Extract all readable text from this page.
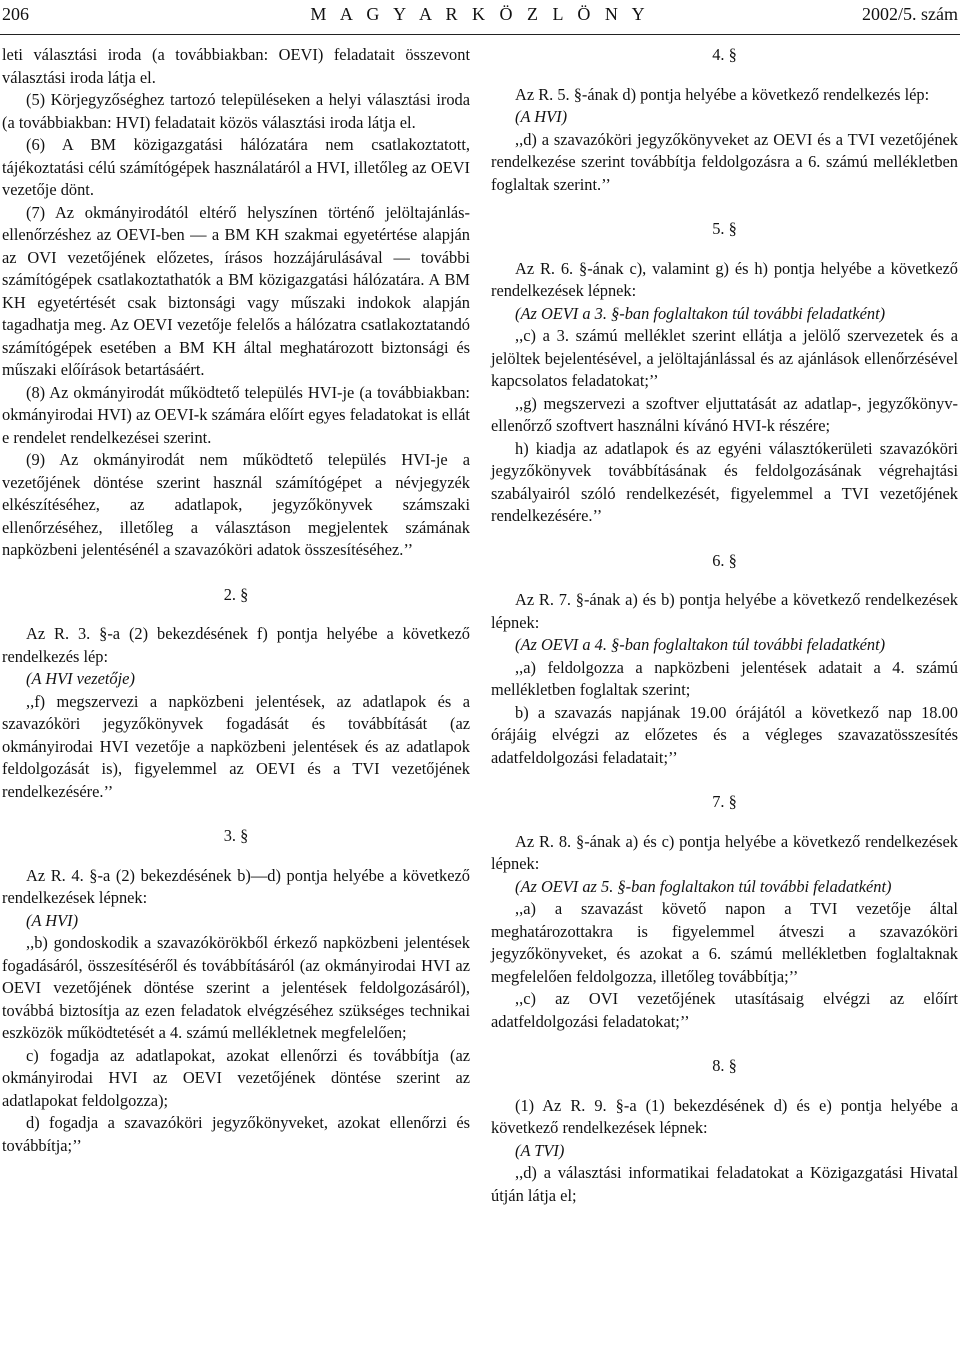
206	M A G Y A R K Ö Z L Ö N Y	2002/5. szám

leti választási iroda (a továbbiakban: OEVI) feladatait összevont választási iroda látja el.

(5) Körjegyzőséghez tartozó településeken a helyi választási iroda (a továbbiakban: HVI) feladatait közös választási iroda látja el.

(6) A BM közigazgatási hálózatára nem csatlakoztatott, tájékoztatási célú számítógépek használatáról a HVI, illetőleg az OEVI vezetője dönt.

(7) Az okmányirodától eltérő helyszínen történő jelöltajánlás-ellenőrzéshez az OEVI-ben — a BM KH szakmai egyetértése alapján az OVI vezetőjének előzetes, írásos hozzájárulásával — további számítógépek csatlakoztathatók a BM közigazgatási hálózatára. A BM KH egyetértését csak biztonsági vagy műszaki indokok alapján tagadhatja meg. Az OEVI vezetője felelős a hálózatra csatlakoztatandó számítógépek esetében a BM KH által meghatározott biztonsági és műszaki előírások betartásáért.

(8) Az okmányirodát működtető település HVI-je (a továbbiakban: okmányirodai HVI) az OEVI-k számára előírt egyes feladatokat is ellát e rendelet rendelkezései szerint.

(9) Az okmányirodát nem működtető település HVI-je a vezetőjének döntése szerint használ számítógépet a névjegyzék elkészítéséhez, az adatlapok, jegyzőkönyvek számszaki ellenőrzéséhez, illetőleg a választáson megjelentek számának napközbeni jelentésénél a szavazóköri adatok összesítéséhez.’’

2. §

Az R. 3. §-a (2) bekezdésének f) pontja helyébe a következő rendelkezés lép:

(A HVI vezetője)

,,f) megszervezi a napközbeni jelentések, az adatlapok és a szavazóköri jegyzőkönyvek fogadását és továbbítását (az okmányirodai HVI vezetője a napközbeni jelentések és az adatlapok feldolgozását is), figyelemmel az OEVI és a TVI vezetőjének rendelkezésére.’’

3. §

Az R. 4. §-a (2) bekezdésének b)—d) pontja helyébe a következő rendelkezések lépnek:

(A HVI)

,,b) gondoskodik a szavazókörökből érkező napközbeni jelentések fogadásáról, összesítéséről és továbbításáról (az okmányirodai HVI az OEVI vezetőjének döntése szerint a jelentések feldolgozásáról), továbbá biztosítja az ezen feladatok elvégzéséhez szükséges technikai eszközök működtetését a 4. számú mellékletnek megfelelően;

c) fogadja az adatlapokat, azokat ellenőrzi és továbbítja (az okmányirodai HVI az OEVI vezetőjének döntése szerint az adatlapokat feldolgozza);

d) fogadja a szavazóköri jegyzőkönyveket, azokat ellenőrzi és továbbítja;’’

4. §

Az R. 5. §-ának d) pontja helyébe a következő rendelkezés lép:

(A HVI)

,,d) a szavazóköri jegyzőkönyveket az OEVI és a TVI vezetőjének rendelkezése szerint továbbítja feldolgozásra a 6. számú mellékletben foglaltak szerint.’’

5. §

Az R. 6. §-ának c), valamint g) és h) pontja helyébe a következő rendelkezések lépnek:

(Az OEVI a 3. §-ban foglaltakon túl további feladatként)

,,c) a 3. számú melléklet szerint ellátja a jelölő szervezetek és a jelöltek bejelentésével, a jelöltajánlással és az ajánlások ellenőrzésével kapcsolatos feladatokat;’’

,,g) megszervezi a szoftver eljuttatását az adatlap-, jegyzőkönyv-ellenőrző szoftvert használni kívánó HVI-k részére;

h) kiadja az adatlapok és az egyéni választókerületi szavazóköri jegyzőkönyvek továbbításának és feldolgozásának végrehajtási szabályairól szóló rendelkezését, figyelemmel a TVI vezetőjének rendelkezésére.’’

6. §

Az R. 7. §-ának a) és b) pontja helyébe a következő rendelkezések lépnek:

(Az OEVI a 4. §-ban foglaltakon túl további feladatként)

,,a) feldolgozza a napközbeni jelentések adatait a 4. számú mellékletben foglaltak szerint;

b) a szavazás napjának 19.00 órájától a következő nap 18.00 órájáig elvégzi az előzetes és a végleges szavazatösszesítés adatfeldolgozási feladatait;’’

7. §

Az R. 8. §-ának a) és c) pontja helyébe a következő rendelkezések lépnek:

(Az OEVI az 5. §-ban foglaltakon túl további feladatként)

,,a) a szavazást követő napon a TVI vezetője által meghatározottakra is figyelemmel átveszi a szavazóköri jegyzőkönyveket, és azokat a 6. számú mellékletben foglaltaknak megfelelően feldolgozza, illetőleg továbbítja;’’

,,c) az OVI vezetőjének utasításaig elvégzi az előírt adatfeldolgozási feladatokat;’’

8. §

(1) Az R. 9. §-a (1) bekezdésének d) és e) pontja helyébe a következő rendelkezések lépnek:

(A TVI)

,,d) a választási informatikai feladatokat a Közigazgatási Hivatal útján látja el;
